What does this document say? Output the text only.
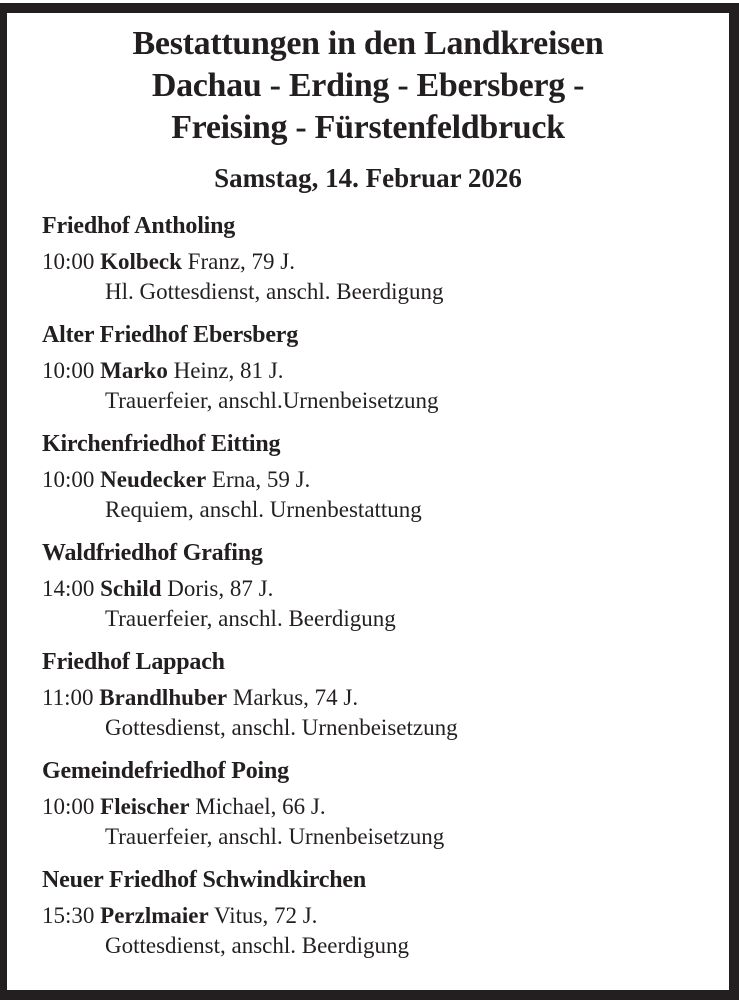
Bestattungen in den Landkreisen
Dachau - Erding - Ebersberg -
Freising - Fürstenfeldbruck
Samstag, 14. Februar 2026
Friedhof Antholing
10:00 Kolbeck Franz, 79 J.
Hl. Gottesdienst, anschl. Beerdigung
Alter Friedhof Ebersberg
10:00 Marko Heinz, 81 J.
Trauerfeier, anschl.Urnenbeisetzung
Kirchenfriedhof Eitting
10:00 Neudecker Erna, 59 J.
Requiem, anschl. Urnenbestattung
Waldfriedhof Grafing
14:00 Schild Doris, 87 J.
Trauerfeier, anschl. Beerdigung
Friedhof Lappach
11:00 Brandlhuber Markus, 74 J.
Gottesdienst, anschl. Urnenbeisetzung
Gemeindefriedhof Poing
10:00 Fleischer Michael, 66 J.
Trauerfeier, anschl. Urnenbeisetzung
Neuer Friedhof Schwindkirchen
15:30 Perzlmaier Vitus, 72 J.
Gottesdienst, anschl. Beerdigung
